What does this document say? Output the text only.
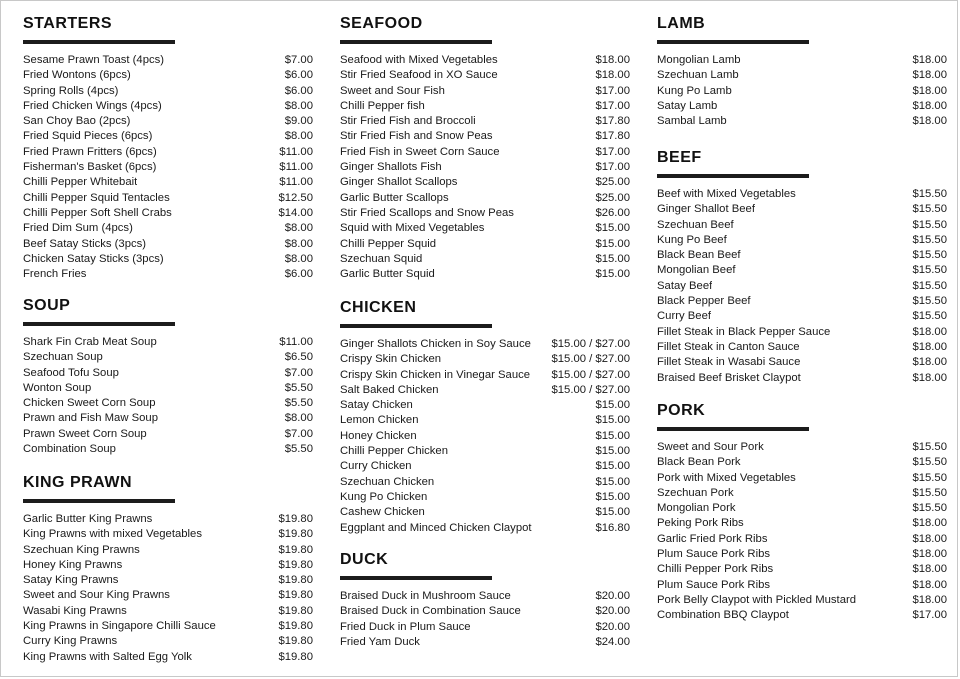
STARTERS
Sesame Prawn Toast (4pcs)	$7.00
Fried Wontons (6pcs)	$6.00
Spring Rolls (4pcs)	$6.00
Fried Chicken Wings (4pcs)	$8.00
San Choy Bao (2pcs)	$9.00
Fried Squid Pieces (6pcs)	$8.00
Fried Prawn Fritters (6pcs)	$11.00
Fisherman's Basket (6pcs)	$11.00
Chilli Pepper Whitebait	$11.00
Chilli Pepper Squid Tentacles	$12.50
Chilli Pepper Soft Shell Crabs	$14.00
Fried Dim Sum (4pcs)	$8.00
Beef Satay Sticks (3pcs)	$8.00
Chicken Satay Sticks (3pcs)	$8.00
French Fries	$6.00
SOUP
Shark Fin Crab Meat Soup	$11.00
Szechuan Soup	$6.50
Seafood Tofu Soup	$7.00
Wonton Soup	$5.50
Chicken Sweet Corn Soup	$5.50
Prawn and Fish Maw Soup	$8.00
Prawn Sweet Corn Soup	$7.00
Combination Soup	$5.50
KING PRAWN
Garlic Butter King Prawns	$19.80
King Prawns with mixed Vegetables	$19.80
Szechuan King Prawns	$19.80
Honey King Prawns	$19.80
Satay King Prawns	$19.80
Sweet and Sour King Prawns	$19.80
Wasabi King Prawns	$19.80
King Prawns in Singapore Chilli Sauce	$19.80
Curry King Prawns	$19.80
King Prawns with Salted Egg Yolk	$19.80
SEAFOOD
Seafood with Mixed Vegetables	$18.00
Stir Fried Seafood in XO Sauce	$18.00
Sweet and Sour Fish	$17.00
Chilli Pepper fish	$17.00
Stir Fried Fish and Broccoli	$17.80
Stir Fried Fish and Snow Peas	$17.80
Fried Fish in Sweet Corn Sauce	$17.00
Ginger Shallots Fish	$17.00
Ginger Shallot Scallops	$25.00
Garlic Butter Scallops	$25.00
Stir Fried Scallops and Snow Peas	$26.00
Squid with Mixed Vegetables	$15.00
Chilli Pepper Squid	$15.00
Szechuan Squid	$15.00
Garlic Butter Squid	$15.00
CHICKEN
Ginger Shallots Chicken in Soy Sauce $15.00 / $27.00
Crispy Skin Chicken	$15.00 / $27.00
Crispy Skin Chicken in Vinegar Sauce $15.00 / $27.00
Salt Baked Chicken	$15.00 / $27.00
Satay Chicken	$15.00
Lemon Chicken	$15.00
Honey Chicken	$15.00
Chilli Pepper Chicken	$15.00
Curry Chicken	$15.00
Szechuan Chicken	$15.00
Kung Po Chicken	$15.00
Cashew Chicken	$15.00
Eggplant and Minced Chicken Claypot	$16.80
DUCK
Braised Duck in Mushroom Sauce	$20.00
Braised Duck in Combination Sauce	$20.00
Fried Duck in Plum Sauce	$20.00
Fried Yam Duck	$24.00
LAMB
Mongolian Lamb	$18.00
Szechuan Lamb	$18.00
Kung Po Lamb	$18.00
Satay Lamb	$18.00
Sambal Lamb	$18.00
BEEF
Beef with Mixed Vegetables	$15.50
Ginger Shallot Beef	$15.50
Szechuan Beef	$15.50
Kung Po Beef	$15.50
Black Bean Beef	$15.50
Mongolian Beef	$15.50
Satay Beef	$15.50
Black Pepper Beef	$15.50
Curry Beef	$15.50
Fillet Steak in Black Pepper Sauce	$18.00
Fillet Steak in Canton Sauce	$18.00
Fillet Steak in Wasabi Sauce	$18.00
Braised Beef Brisket Claypot	$18.00
PORK
Sweet and Sour Pork	$15.50
Black Bean Pork	$15.50
Pork with Mixed Vegetables	$15.50
Szechuan Pork	$15.50
Mongolian Pork	$15.50
Peking Pork Ribs	$18.00
Garlic Fried Pork Ribs	$18.00
Plum Sauce Pork Ribs	$18.00
Chilli Pepper Pork Ribs	$18.00
Plum Sauce Pork Ribs	$18.00
Pork Belly Claypot with Pickled Mustard	$18.00
Combination BBQ Claypot	$17.00
